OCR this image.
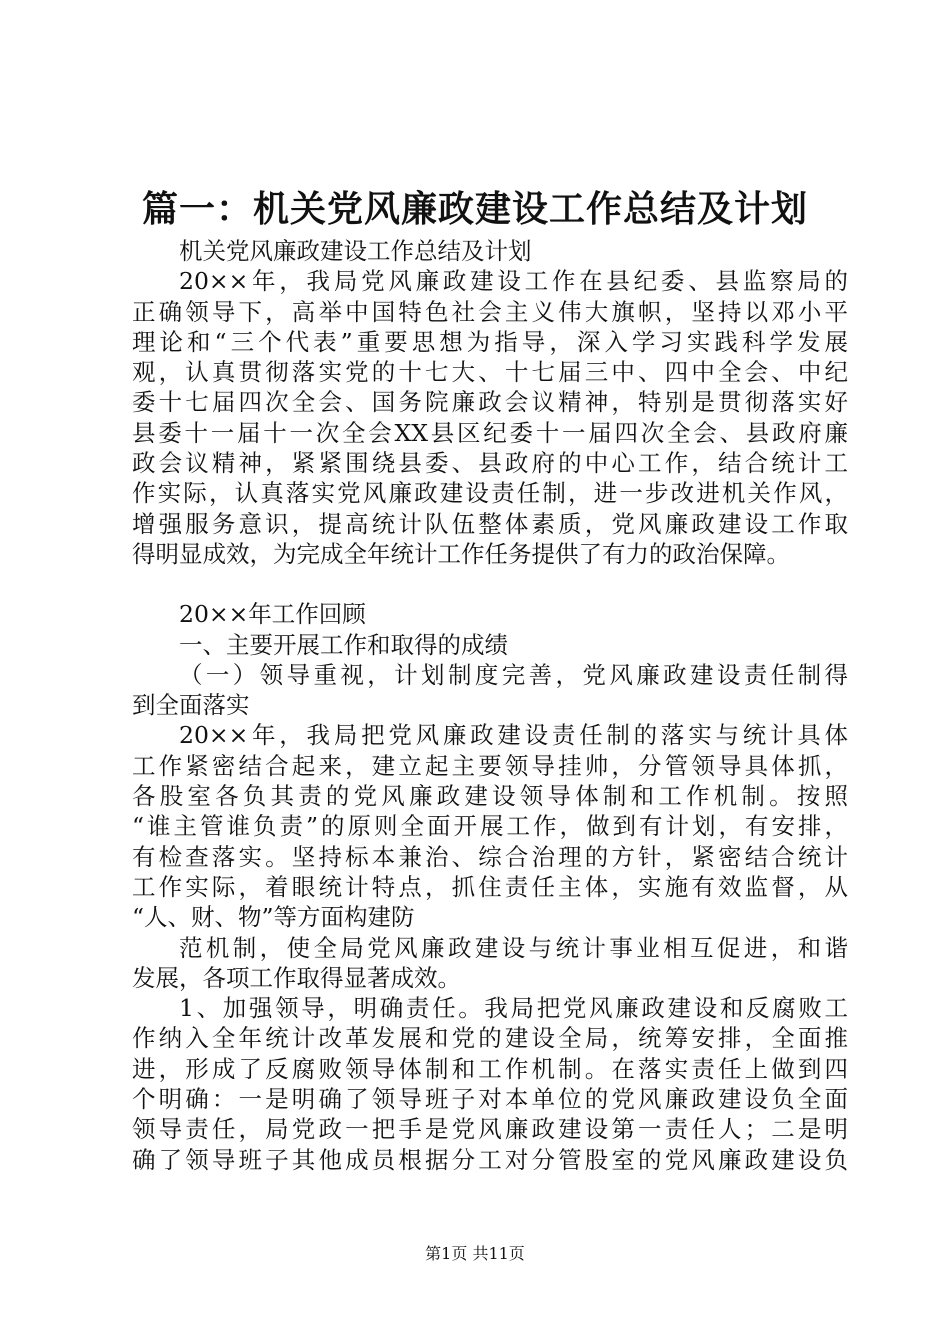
篇一：机关党风廉政建设工作总结及计划
机关党风廉政建设工作总结及计划
20××年，我局党风廉政建设工作在县纪委、县监察局的
正确领导下，高举中国特色社会主义伟大旗帜，坚持以邓小平
理论和“三个代表”重要思想为指导，深入学习实践科学发展
观，认真贯彻落实党的十七大、十七届三中、四中全会、中纪
委十七届四次全会、国务院廉政会议精神，特别是贯彻落实好
县委十一届十一次全会XX县区纪委十一届四次全会、县政府廉
政会议精神，紧紧围绕县委、县政府的中心工作，结合统计工
作实际，认真落实党风廉政建设责任制，进一步改进机关作风，
增强服务意识，提高统计队伍整体素质，党风廉政建设工作取
得明显成效，为完成全年统计工作任务提供了有力的政治保障。
20××年工作回顾
一、主要开展工作和取得的成绩
（一）领导重视，计划制度完善，党风廉政建设责任制得
到全面落实
20××年，我局把党风廉政建设责任制的落实与统计具体
工作紧密结合起来，建立起主要领导挂帅，分管领导具体抓，
各股室各负其责的党风廉政建设领导体制和工作机制。按照
“谁主管谁负责”的原则全面开展工作，做到有计划，有安排，
有检查落实。坚持标本兼治、综合治理的方针，紧密结合统计
工作实际，着眼统计特点，抓住责任主体，实施有效监督，从
“人、财、物”等方面构建防
范机制，使全局党风廉政建设与统计事业相互促进，和谐
发展，各项工作取得显著成效。
1、加强领导，明确责任。我局把党风廉政建设和反腐败工
作纳入全年统计改革发展和党的建设全局，统筹安排，全面推
进，形成了反腐败领导体制和工作机制。在落实责任上做到四
个明确：一是明确了领导班子对本单位的党风廉政建设负全面
领导责任，局党政一把手是党风廉政建设第一责任人；二是明
确了领导班子其他成员根据分工对分管股室的党风廉政建设负
第1页 共11页
